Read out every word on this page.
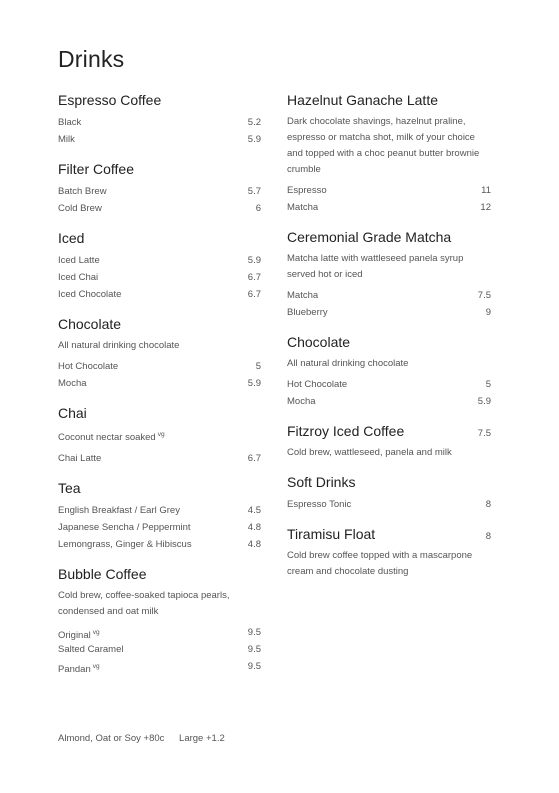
Drinks
Espresso Coffee
Black	5.2
Milk	5.9
Filter Coffee
Batch Brew	5.7
Cold Brew	6
Iced
Iced Latte	5.9
Iced Chai	6.7
Iced Chocolate	6.7
Chocolate
All natural drinking chocolate
Hot Chocolate	5
Mocha	5.9
Chai
Coconut nectar soaked $^{vg}$
Chai Latte	6.7
Tea
English Breakfast / Earl Grey	4.5
Japanese Sencha / Peppermint	4.8
Lemongrass, Ginger & Hibiscus	4.8
Bubble Coffee
Cold brew, coffee-soaked tapioca pearls, condensed and oat milk
Original $^{vg}$	9.5
Salted Caramel	9.5
Pandan $^{vg}$	9.5
Hazelnut Ganache Latte
Dark chocolate shavings, hazelnut praline, espresso or matcha shot, milk of your choice and topped with a choc peanut butter brownie crumble
Espresso	11
Matcha	12
Ceremonial Grade Matcha
Matcha latte with wattleseed panela syrup served hot or iced
Matcha	7.5
Blueberry	9
Chocolate
All natural drinking chocolate
Hot Chocolate	5
Mocha	5.9
Fitzroy Iced Coffee	7.5
Cold brew, wattleseed, panela and milk
Soft Drinks
Espresso Tonic	8
Tiramisu Float	8
Cold brew coffee topped with a mascarpone cream and chocolate dusting
Almond, Oat or Soy +80c Large +1.2
